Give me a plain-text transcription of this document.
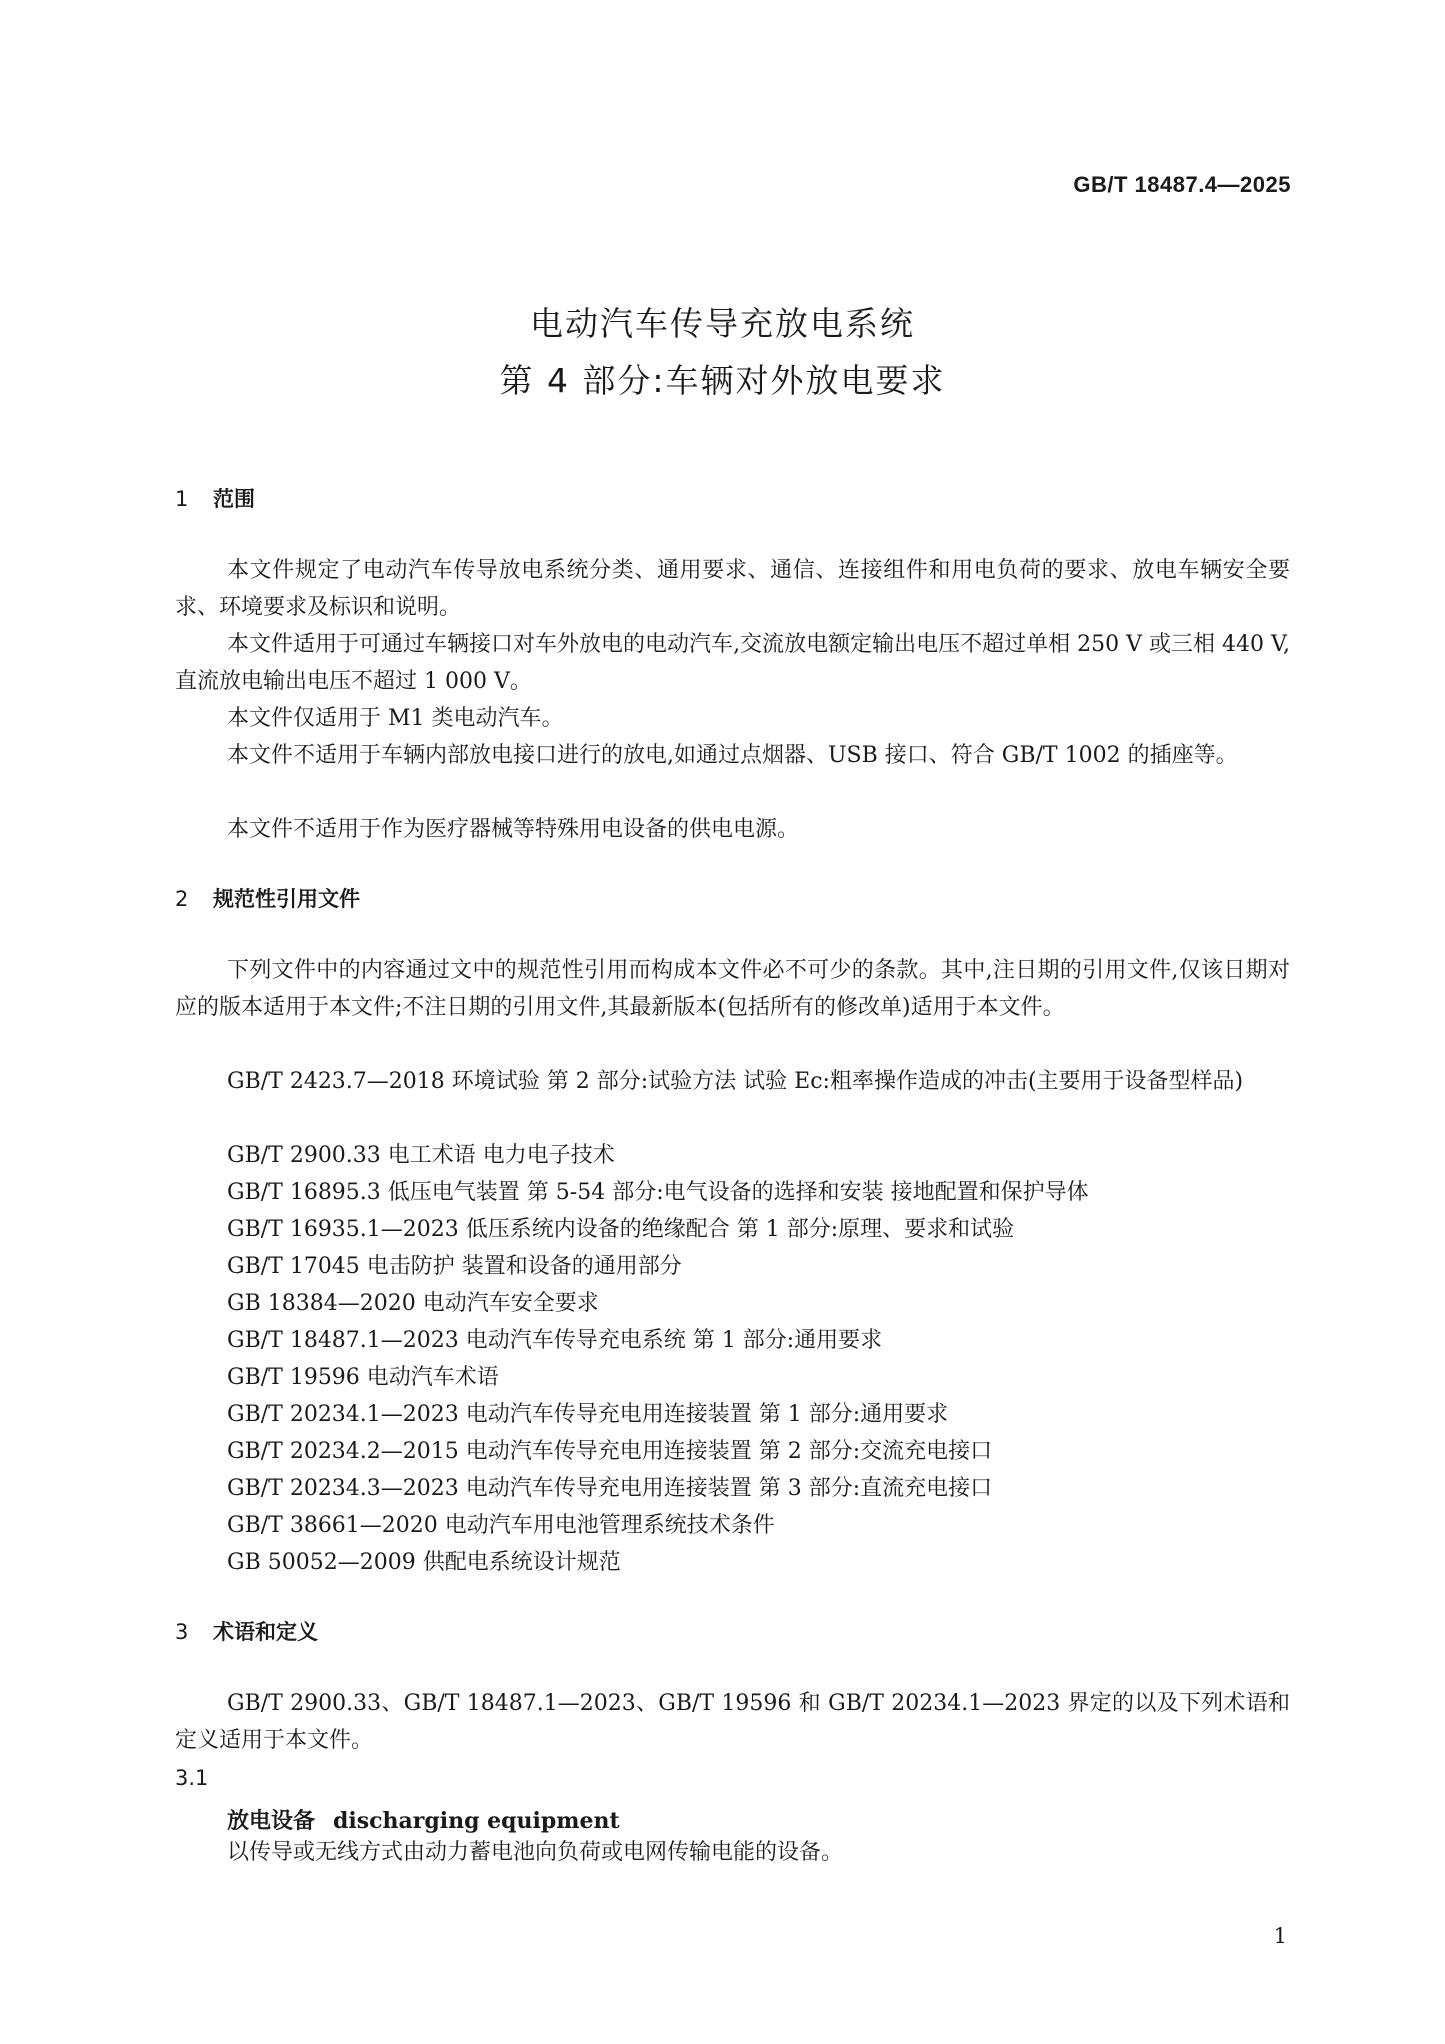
GB/T 18487.4—2025
电动汽车传导充放电系统
第 4 部分:车辆对外放电要求
1 范围

本文件规定了电动汽车传导放电系统分类、通用要求、通信、连接组件和用电负荷的要求、放电车辆安全要求、环境要求及标识和说明。

本文件适用于可通过车辆接口对车外放电的电动汽车,交流放电额定输出电压不超过单相 250 V 或三相 440 V,直流放电输出电压不超过 1 000 V。

本文件仅适用于 M1 类电动汽车。

本文件不适用于车辆内部放电接口进行的放电,如通过点烟器、USB 接口、符合 GB/T 1002 的插座等。

本文件不适用于作为医疗器械等特殊用电设备的供电电源。

2 规范性引用文件

下列文件中的内容通过文中的规范性引用而构成本文件必不可少的条款。其中,注日期的引用文件,仅该日期对应的版本适用于本文件;不注日期的引用文件,其最新版本(包括所有的修改单)适用于本文件。

GB/T 2423.7—2018 环境试验 第 2 部分:试验方法 试验 Ec:粗率操作造成的冲击(主要用于设备型样品)

GB/T 2900.33 电工术语 电力电子技术

GB/T 16895.3 低压电气装置 第 5-54 部分:电气设备的选择和安装 接地配置和保护导体

GB/T 16935.1—2023 低压系统内设备的绝缘配合 第 1 部分:原理、要求和试验

GB/T 17045 电击防护 装置和设备的通用部分

GB 18384—2020 电动汽车安全要求

GB/T 18487.1—2023 电动汽车传导充电系统 第 1 部分:通用要求

GB/T 19596 电动汽车术语

GB/T 20234.1—2023 电动汽车传导充电用连接装置 第 1 部分:通用要求

GB/T 20234.2—2015 电动汽车传导充电用连接装置 第 2 部分:交流充电接口

GB/T 20234.3—2023 电动汽车传导充电用连接装置 第 3 部分:直流充电接口

GB/T 38661—2020 电动汽车用电池管理系统技术条件

GB 50052—2009 供配电系统设计规范

3 术语和定义

GB/T 2900.33、GB/T 18487.1—2023、GB/T 19596 和 GB/T 20234.1—2023 界定的以及下列术语和定义适用于本文件。

3.1
放电设备 discharging equipment

以传导或无线方式由动力蓄电池向负荷或电网传输电能的设备。

1
